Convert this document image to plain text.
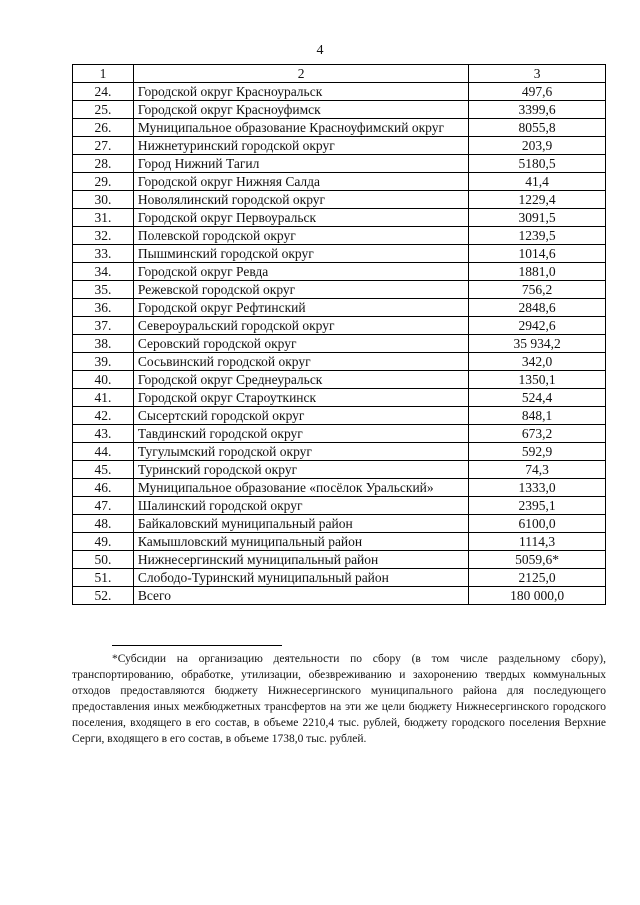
4
1	2	3
24.	Городской округ Красноуральск	497,6
25.	Городской округ Красноуфимск	3399,6
26.	Муниципальное образование Красноуфимский округ	8055,8
27.	Нижнетуринский городской округ	203,9
28.	Город Нижний Тагил	5180,5
29.	Городской округ Нижняя Салда	41,4
30.	Новолялинский городской округ	1229,4
31.	Городской округ Первоуральск	3091,5
32.	Полевской городской округ	1239,5
33.	Пышминский городской округ	1014,6
34.	Городской округ Ревда	1881,0
35.	Режевской городской округ	756,2
36.	Городской округ Рефтинский	2848,6
37.	Североуральский городской округ	2942,6
38.	Серовский городской округ	35 934,2
39.	Сосьвинский городской округ	342,0
40.	Городской округ Среднеуральск	1350,1
41.	Городской округ Староуткинск	524,4
42.	Сысертский городской округ	848,1
43.	Тавдинский городской округ	673,2
44.	Тугулымский городской округ	592,9
45.	Туринский городской округ	74,3
46.	Муниципальное образование «посёлок Уральский»	1333,0
47.	Шалинский городской округ	2395,1
48.	Байкаловский муниципальный район	6100,0
49.	Камышловский муниципальный район	1114,3
50.	Нижнесергинский муниципальный район	5059,6*
51.	Слободо-Туринский муниципальный район	2125,0
52.	Всего	180 000,0
*Субсидии на организацию деятельности по сбору (в том числе раздельному сбору), транспортированию, обработке, утилизации, обезвреживанию и захоронению твердых коммунальных отходов предоставляются бюджету Нижнесергинского муниципального района для последующего предоставления иных межбюджетных трансфертов на эти же цели бюджету Нижнесергинского городского поселения, входящего в его состав, в объеме 2210,4 тыс. рублей, бюджету городского поселения Верхние Серги, входящего в его состав, в объеме 1738,0 тыс. рублей.
